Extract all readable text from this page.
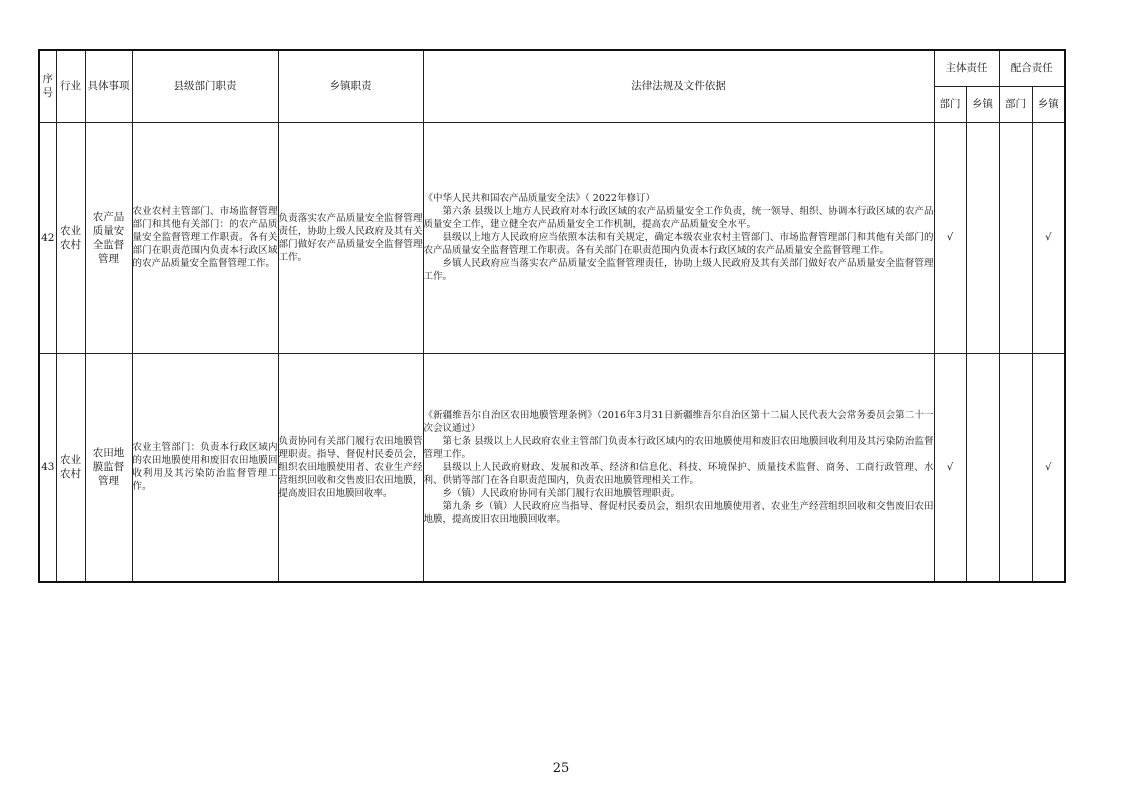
序号	行业	具体事项	县级部门职责	乡镇职责	法律法规及文件依据	主体责任		配合责任	
						部门	乡镇	部门	乡镇
42	农业农村	农产品质量安全监督管理	农业农村主管部门、市场监督管理部门和其他有关部门：的农产品质量安全监督管理工作职责。各有关部门在职责范围内负责本行政区域的农产品质量安全监督管理工作。	负责落实农产品质量安全监督管理责任，协助上级人民政府及其有关部门做好农产品质量安全监督管理工作。	《中华人民共和国农产品质量安全法》（ 2022年修订）

第六条 县级以上地方人民政府对本行政区域的农产品质量安全工作负责，统一领导、组织、协调本行政区域的农产品质量安全工作，建立健全农产品质量安全工作机制，提高农产品质量安全水平。

县级以上地方人民政府应当依照本法和有关规定，确定本级农业农村主管部门、市场监督管理部门和其他有关部门的农产品质量安全监督管理工作职责。各有关部门在职责范围内负责本行政区域的农产品质量安全监督管理工作。

乡镇人民政府应当落实农产品质量安全监督管理责任，协助上级人民政府及其有关部门做好农产品质量安全监督管理工作。	√			√
43	农业农村	农田地膜监督管理	农业主管部门：负责本行政区域内的农田地膜使用和废旧农田地膜回收利用及其污染防治监督管理工作。	负责协同有关部门履行农田地膜管理职责。指导、督促村民委员会，组织农田地膜使用者、农业生产经营组织回收和交售废旧农田地膜，提高废旧农田地膜回收率。	《新疆维吾尔自治区农田地膜管理条例》（2016年3月31日新疆维吾尔自治区第十二届人民代表大会常务委员会第二十一次会议通过）

第七条 县级以上人民政府农业主管部门负责本行政区域内的农田地膜使用和废旧农田地膜回收利用及其污染防治监督管理工作。

县级以上人民政府财政、发展和改革、经济和信息化、科技、环境保护、质量技术监督、商务、工商行政管理、水利、供销等部门在各自职责范围内，负责农田地膜管理相关工作。

乡（镇）人民政府协同有关部门履行农田地膜管理职责。

第九条 乡（镇）人民政府应当指导、督促村民委员会，组织农田地膜使用者、农业生产经营组织回收和交售废旧农田地膜，提高废旧农田地膜回收率。	√			√
25
